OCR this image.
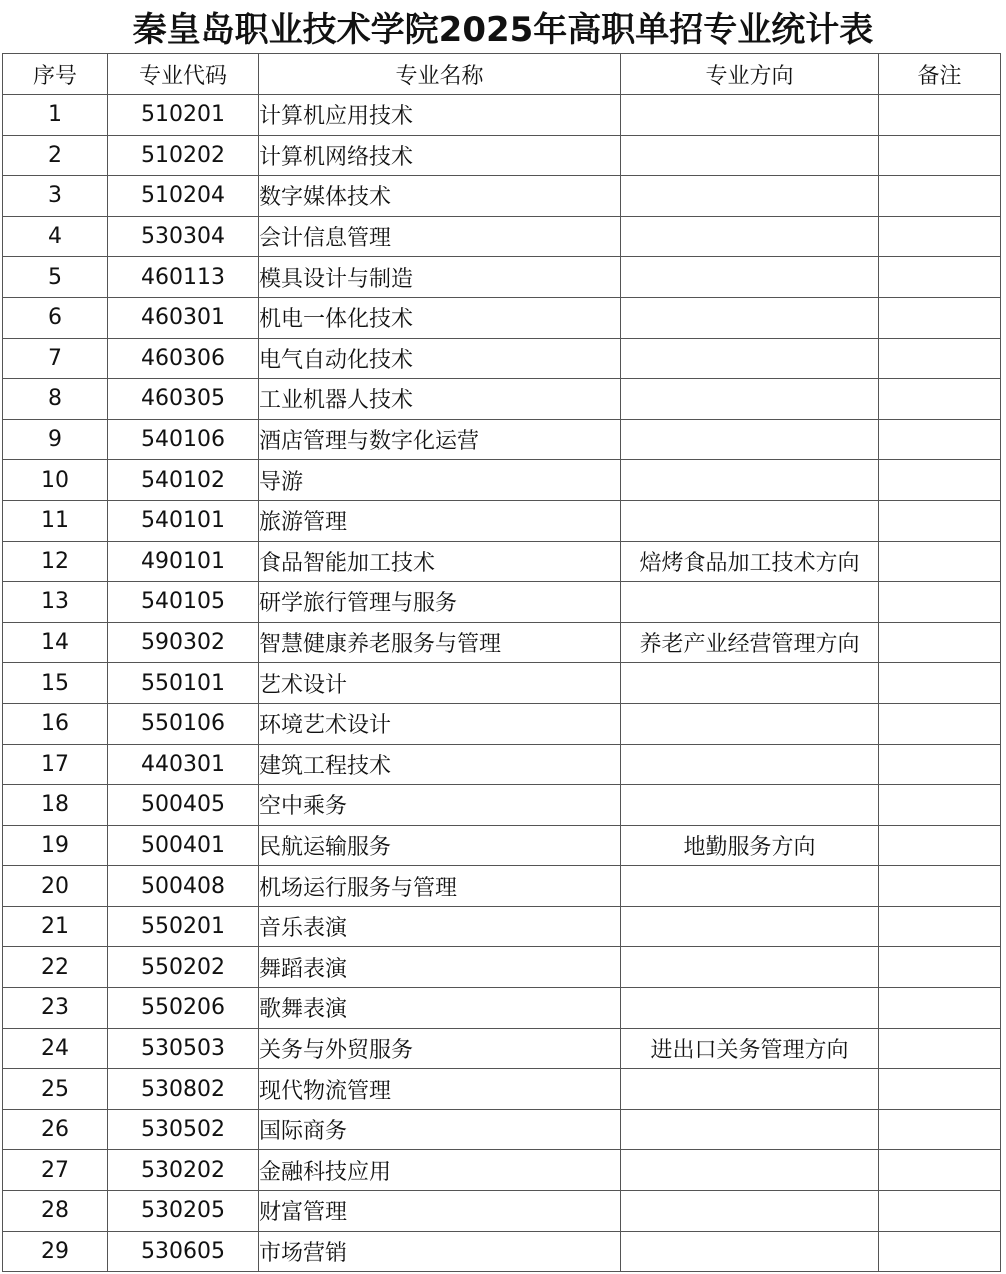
秦皇岛职业技术学院2025年高职单招专业统计表
序号	专业代码	专业名称	专业方向	备注
1	510201	计算机应用技术		
2	510202	计算机网络技术		
3	510204	数字媒体技术		
4	530304	会计信息管理		
5	460113	模具设计与制造		
6	460301	机电一体化技术		
7	460306	电气自动化技术		
8	460305	工业机器人技术		
9	540106	酒店管理与数字化运营		
10	540102	导游		
11	540101	旅游管理		
12	490101	食品智能加工技术	焙烤食品加工技术方向	
13	540105	研学旅行管理与服务		
14	590302	智慧健康养老服务与管理	养老产业经营管理方向	
15	550101	艺术设计		
16	550106	环境艺术设计		
17	440301	建筑工程技术		
18	500405	空中乘务		
19	500401	民航运输服务	地勤服务方向	
20	500408	机场运行服务与管理		
21	550201	音乐表演		
22	550202	舞蹈表演		
23	550206	歌舞表演		
24	530503	关务与外贸服务	进出口关务管理方向	
25	530802	现代物流管理		
26	530502	国际商务		
27	530202	金融科技应用		
28	530205	财富管理		
29	530605	市场营销		
